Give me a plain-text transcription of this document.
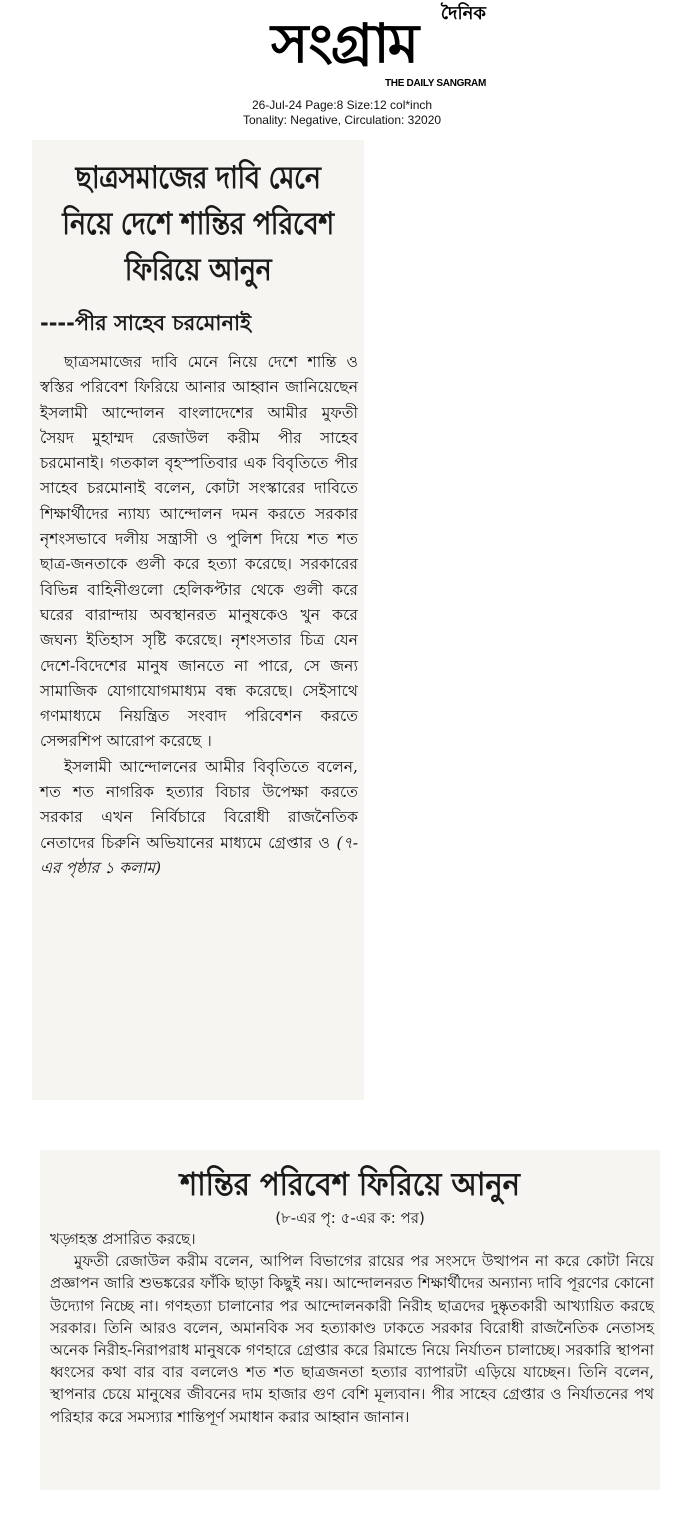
দৈনিক
সংগ্রাম
THE DAILY SANGRAM
26-Jul-24 Page:8 Size:12 col*inch
Tonality: Negative, Circulation: 32020
ছাত্রসমাজের দাবি মেনে
নিয়ে দেশে শান্তির পরিবেশ
ফিরিয়ে আনুন
----পীর সাহেব চরমোনাই

ছাত্রসমাজের দাবি মেনে নিয়ে দেশে শান্তি ও স্বস্তির পরিবেশ ফিরিয়ে আনার আহ্বান জানিয়েছেন ইসলামী আন্দোলন বাংলাদেশের আমীর মুফতী সৈয়দ মুহাম্মদ রেজাউল করীম পীর সাহেব চরমোনাই। গতকাল বৃহস্পতিবার এক বিবৃতিতে পীর সাহেব চরমোনাই বলেন, কোটা সংস্কারের দাবিতে শিক্ষার্থীদের ন্যায্য আন্দোলন দমন করতে সরকার নৃশংসভাবে দলীয় সন্ত্রাসী ও পুলিশ দিয়ে শত শত ছাত্র-জনতাকে গুলী করে হত্যা করেছে। সরকারের বিভিন্ন বাহিনীগুলো হেলিকপ্টার থেকে গুলী করে ঘরের বারান্দায় অবস্থানরত মানুষকেও খুন করে জঘন্য ইতিহাস সৃষ্টি করেছে। নৃশংসতার চিত্র যেন দেশে-বিদেশের মানুষ জানতে না পারে, সে জন্য সামাজিক যোগাযোগমাধ্যম বন্ধ করেছে। সেইসাথে গণমাধ্যমে নিয়ন্ত্রিত সংবাদ পরিবেশন করতে সেন্সরশিপ আরোপ করেছে ।

ইসলামী আন্দোলনের আমীর বিবৃতিতে বলেন, শত শত নাগরিক হত্যার বিচার উপেক্ষা করতে সরকার এখন নির্বিচারে বিরোধী রাজনৈতিক নেতাদের চিরুনি অভিযানের মাধ্যমে গ্রেপ্তার ও (৭-এর পৃষ্ঠার ১ কলাম)

শান্তির পরিবেশ ফিরিয়ে আনুন
(৮-এর পৃ: ৫-এর ক: পর)

খড়্গহস্ত প্রসারিত করছে।

মুফতী রেজাউল করীম বলেন, আপিল বিভাগের রায়ের পর সংসদে উত্থাপন না করে কোটা নিয়ে প্রজ্ঞাপন জারি শুভঙ্করের ফাঁকি ছাড়া কিছুই নয়। আন্দোলনরত শিক্ষার্থীদের অন্যান্য দাবি পূরণের কোনো উদ্যোগ নিচ্ছে না। গণহত্যা চালানোর পর আন্দোলনকারী নিরীহ ছাত্রদের দুষ্কৃতকারী আখ্যায়িত করছে সরকার। তিনি আরও বলেন, অমানবিক সব হত্যাকাণ্ড ঢাকতে সরকার বিরোধী রাজনৈতিক নেতাসহ অনেক নিরীহ-নিরাপরাধ মানুষকে গণহারে গ্রেপ্তার করে রিমান্ডে নিয়ে নির্যাতন চালাচ্ছে। সরকারি স্থাপনা ধ্বংসের কথা বার বার বললেও শত শত ছাত্রজনতা হত্যার ব্যাপারটা এড়িয়ে যাচ্ছেন। তিনি বলেন, স্থাপনার চেয়ে মানুষের জীবনের দাম হাজার গুণ বেশি মূল্যবান। পীর সাহেব গ্রেপ্তার ও নির্যাতনের পথ পরিহার করে সমস্যার শান্তিপূর্ণ সমাধান করার আহ্বান জানান।
